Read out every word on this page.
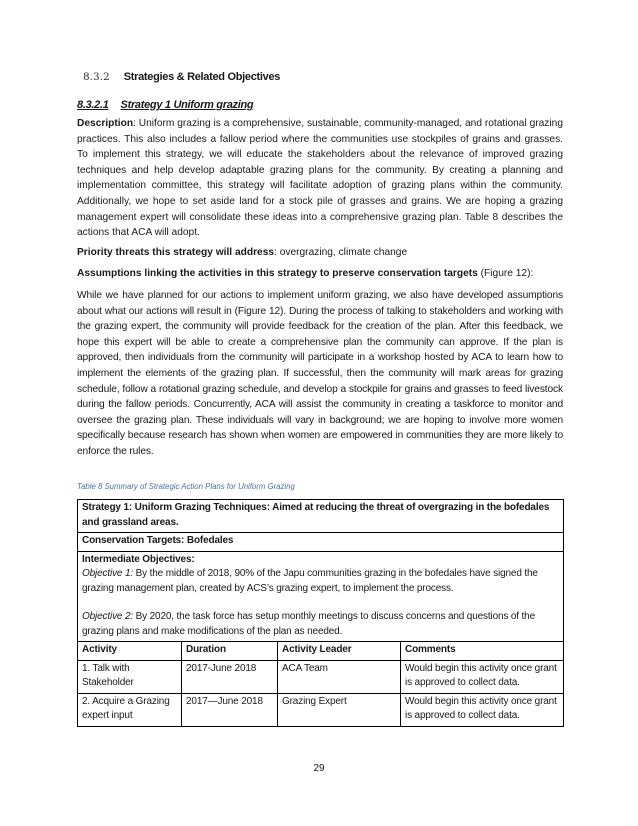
8.3.2 Strategies & Related Objectives
8.3.2.1 Strategy 1 Uniform grazing

Description: Uniform grazing is a comprehensive, sustainable, community-managed, and rotational grazing practices. This also includes a fallow period where the communities use stockpiles of grains and grasses. To implement this strategy, we will educate the stakeholders about the relevance of improved grazing techniques and help develop adaptable grazing plans for the community. By creating a planning and implementation committee, this strategy will facilitate adoption of grazing plans within the community. Additionally, we hope to set aside land for a stock pile of grasses and grains. We are hoping a grazing management expert will consolidate these ideas into a comprehensive grazing plan. Table 8 describes the actions that ACA will adopt.

Priority threats this strategy will address: overgrazing, climate change

Assumptions linking the activities in this strategy to preserve conservation targets (Figure 12):

While we have planned for our actions to implement uniform grazing, we also have developed assumptions about what our actions will result in (Figure 12). During the process of talking to stakeholders and working with the grazing expert, the community will provide feedback for the creation of the plan. After this feedback, we hope this expert will be able to create a comprehensive plan the community can approve. If the plan is approved, then individuals from the community will participate in a workshop hosted by ACA to learn how to implement the elements of the grazing plan. If successful, then the community will mark areas for grazing schedule, follow a rotational grazing schedule, and develop a stockpile for grains and grasses to feed livestock during the fallow periods. Concurrently, ACA will assist the community in creating a taskforce to monitor and oversee the grazing plan. These individuals will vary in background; we are hoping to involve more women specifically because research has shown when women are empowered in communities they are more likely to enforce the rules.

Table 8 Summary of Strategic Action Plans for Uniform Grazing
Strategy 1: Uniform Grazing Techniques: Aimed at reducing the threat of overgrazing in the bofedales and grassland areas.			
Conservation Targets: Bofedales			

Intermediate Objectives:
Objective 1: By the middle of 2018, 90% of the Japu communities grazing in the bofedales have signed the grazing management plan, created by ACS’s grazing expert, to implement the process.
Objective 2: By 2020, the task force has setup monthly meetings to discuss concerns and questions of the grazing plans and make modifications of the plan as needed.			

Activity	Duration	Activity Leader	Comments
1. Talk with Stakeholder	2017-June 2018	ACA Team	Would begin this activity once grant is approved to collect data.
2. Acquire a Grazing expert input	2017—June 2018	Grazing Expert	Would begin this activity once grant is approved to collect data.
29
